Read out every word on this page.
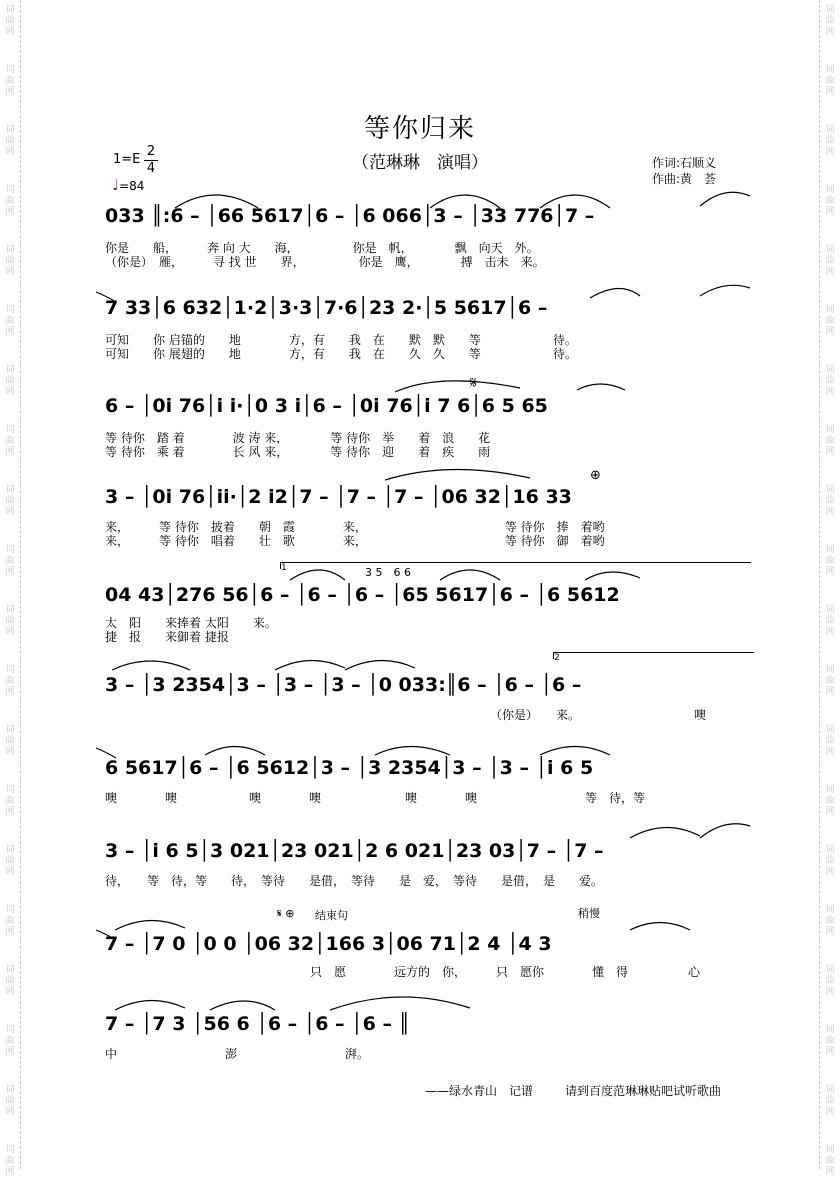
词
曲
网
词
曲
网
词
曲
网
词
曲
网
词
曲
网
词
曲
网
词
曲
网
词
曲
网
词
曲
网
词
曲
网
词
曲
网
词
曲
网
词
曲
网
词
曲
网
词
曲
网
词
曲
网
词
曲
网
词
曲
网
词
曲
网
词
曲
网
词
曲
网
词
曲
网
词
曲
网
词
曲
网
词
曲
网
词
曲
网
词
曲
网
词
曲
网
词
曲
网
词
曲
网
词
曲
网
词
曲
网
词
曲
网
词
曲
网
词
曲
网
词
曲
网
词
曲
网
词
曲
网
词
曲
网
词
曲
网
等你归来
（范琳琳　演唱）
1=E
2
4
♩=84
作词:石顺义
作曲:黄　荟
033 ║:6 – │66 5617│6 – │6 066│3 – │33 776│7 –
你是　　船，　　　奔 向 大　　海，　　　　　你是　帆，　　　　飘　向天　外。
（你是）　雁，　　　寻 找 世　　界，　　　　　你是　鹰，　　　　搏　击未　来。
7 33│6 632│1·2│3·3│7·6│23 2·│5 5617│6 –
可知　　你 启锚的　　地　　　　方，有　　我　在　　默　默　　等　　　　　　待。
可知　　你 展翅的　　地　　　　方，有　　我　在　　久　久　　等　　　　　　待。
𝄋
6 – │0i 76│i i·│0 3 i│6 – │0i 76│i 7 6│6 5 65
等 待你　踏 着　　　　波 涛 来，　　　　等 待你　举　　着　浪　　花
等 待你　乘 着　　　　长 风 来，　　　　等 待你　迎　　着　疾　　雨
⊕
3 – │0i 76│ii·│2 i2│7 – │7 – │7 – │06 32│16 33
来，　　　等 待你　披着　　朝　霞　　　　来，　　　　　　　　　　　　等 待你　捧　着哟
来，　　　等 待你　唱着　　壮　歌　　　　来，　　　　　　　　　　　　等 待你　御　着哟
1	3 5　6 6
04 43│276 56│6 – │6 – │6 – │65 5617│6 – │6 5612
太　阳　　来捧着 太阳　　来。
捷　报　　来御着 捷报
2
3 – │3 2354│3 – │3 – │3 – │0 033:║6 – │6 – │6 –
（你是）　　来。　　　　　　　　　　噢
6 5617│6 – │6 5612│3 – │3 2354│3 – │3 – │i 6 5
噢　　　　噢　　　　　　噢　　　　噢　　　　　　　噢　　　　噢　　　　　　　　　等　待，等
3 – │i 6 5│3 021│23 021│2 6 021│23 03│7 – │7 –
待，　　等　待，等　　待，　等待　　是借，　等待　　是　爱，　等待　　是借，　是　　爱。
𝄋 ⊕ 结束句	稍慢
7 – │7 0 │0 0 │06 32│166 3│06 71│2 4 │4 3
只　愿　　　　远方的　你，　　　只　愿你　　　　懂　得　　　　　心
7 – │7 3 │56 6 │6 – │6 – │6 – ║
中　　　　　　　　　澎　　　　　　　　　湃。
——绿水青山　记谱	请到百度范琳琳贴吧试听歌曲
